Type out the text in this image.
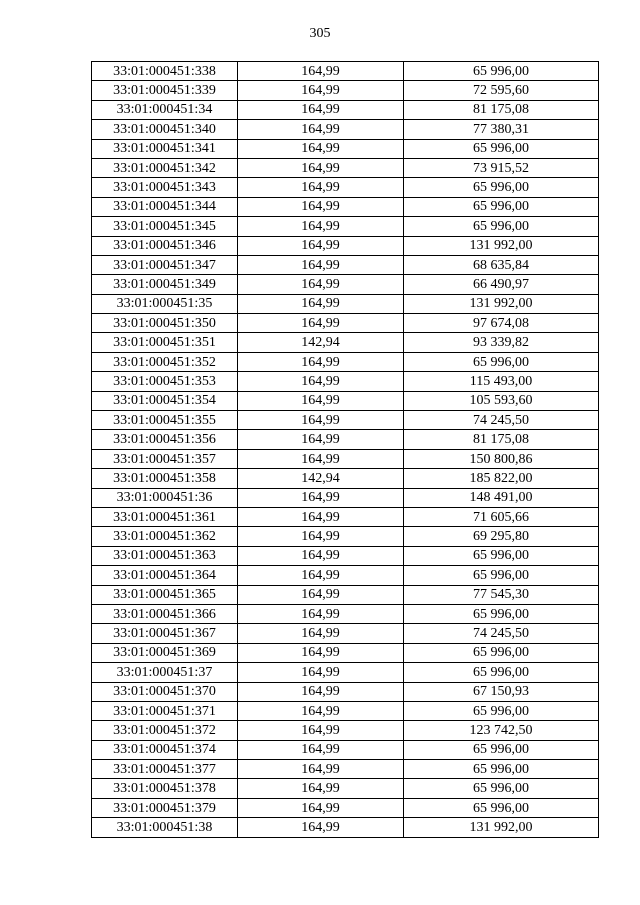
305
33:01:000451:338	164,99	65 996,00
33:01:000451:339	164,99	72 595,60
33:01:000451:34	164,99	81 175,08
33:01:000451:340	164,99	77 380,31
33:01:000451:341	164,99	65 996,00
33:01:000451:342	164,99	73 915,52
33:01:000451:343	164,99	65 996,00
33:01:000451:344	164,99	65 996,00
33:01:000451:345	164,99	65 996,00
33:01:000451:346	164,99	131 992,00
33:01:000451:347	164,99	68 635,84
33:01:000451:349	164,99	66 490,97
33:01:000451:35	164,99	131 992,00
33:01:000451:350	164,99	97 674,08
33:01:000451:351	142,94	93 339,82
33:01:000451:352	164,99	65 996,00
33:01:000451:353	164,99	115 493,00
33:01:000451:354	164,99	105 593,60
33:01:000451:355	164,99	74 245,50
33:01:000451:356	164,99	81 175,08
33:01:000451:357	164,99	150 800,86
33:01:000451:358	142,94	185 822,00
33:01:000451:36	164,99	148 491,00
33:01:000451:361	164,99	71 605,66
33:01:000451:362	164,99	69 295,80
33:01:000451:363	164,99	65 996,00
33:01:000451:364	164,99	65 996,00
33:01:000451:365	164,99	77 545,30
33:01:000451:366	164,99	65 996,00
33:01:000451:367	164,99	74 245,50
33:01:000451:369	164,99	65 996,00
33:01:000451:37	164,99	65 996,00
33:01:000451:370	164,99	67 150,93
33:01:000451:371	164,99	65 996,00
33:01:000451:372	164,99	123 742,50
33:01:000451:374	164,99	65 996,00
33:01:000451:377	164,99	65 996,00
33:01:000451:378	164,99	65 996,00
33:01:000451:379	164,99	65 996,00
33:01:000451:38	164,99	131 992,00
